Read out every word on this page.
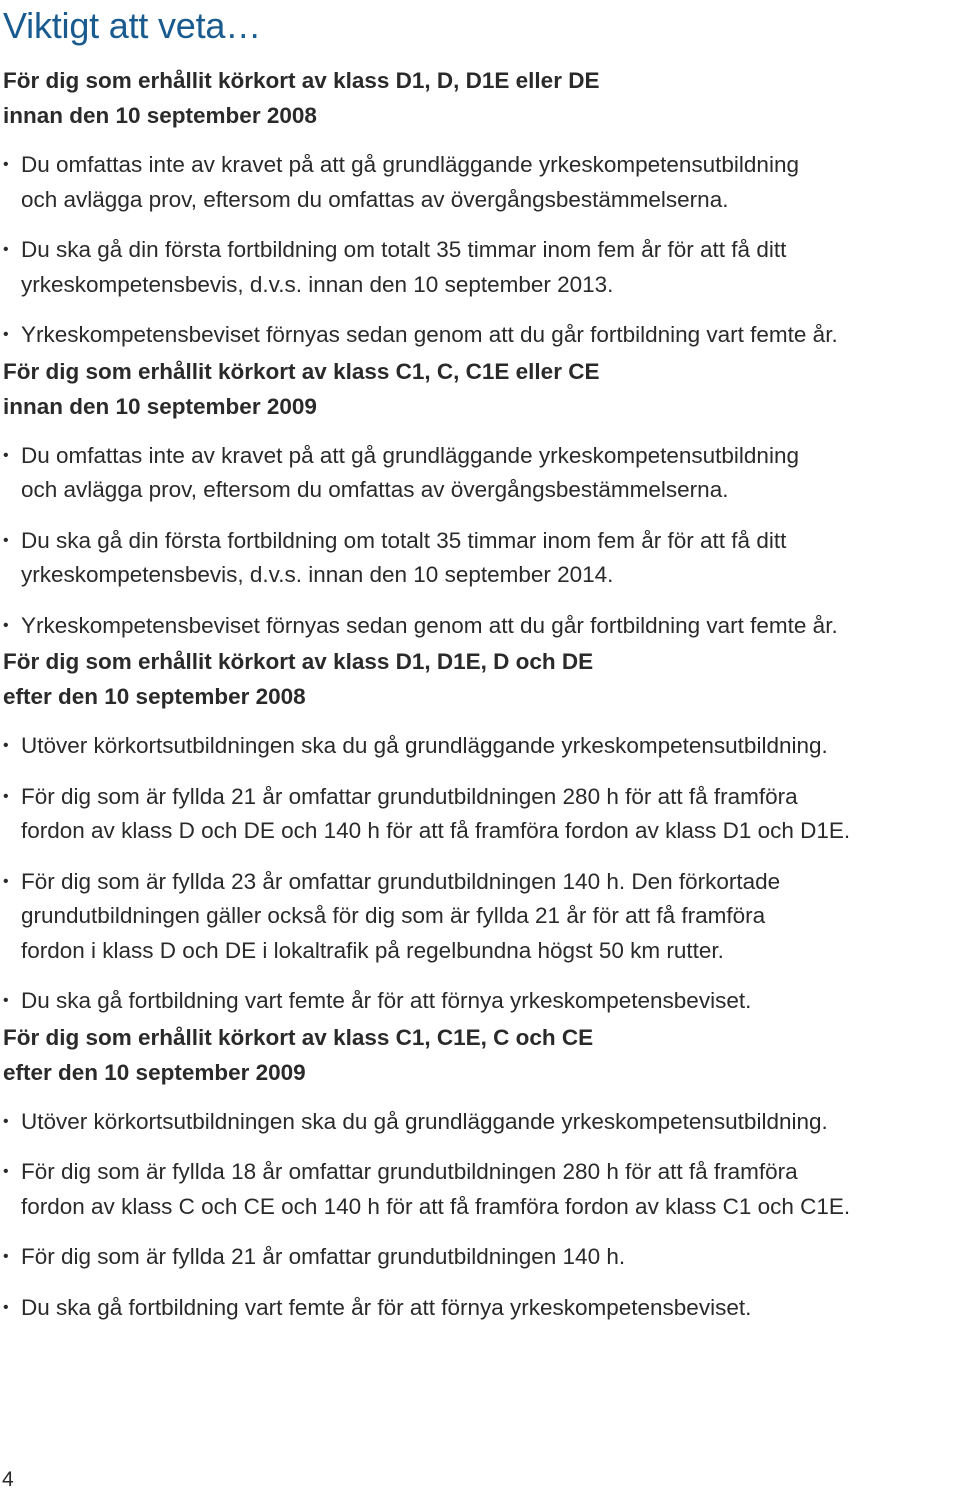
Viktigt att veta…
För dig som erhållit körkort av klass D1, D, D1E eller DE
innan den 10 september 2008
• Du omfattas inte av kravet på att gå grundläggande yrkeskompetensutbildning
och avlägga prov, eftersom du omfattas av övergångsbestämmelserna.
• Du ska gå din första fortbildning om totalt 35 timmar inom fem år för att få ditt
yrkeskompetensbevis, d.v.s. innan den 10 september 2013.
• Yrkeskompetensbeviset förnyas sedan genom att du går fortbildning vart femte år.
För dig som erhållit körkort av klass C1, C, C1E eller CE
innan den 10 september 2009
• Du omfattas inte av kravet på att gå grundläggande yrkeskompetensutbildning
och avlägga prov, eftersom du omfattas av övergångsbestämmelserna.
• Du ska gå din första fortbildning om totalt 35 timmar inom fem år för att få ditt
yrkeskompetensbevis, d.v.s. innan den 10 september 2014.
• Yrkeskompetensbeviset förnyas sedan genom att du går fortbildning vart femte år.
För dig som erhållit körkort av klass D1, D1E, D och DE
efter den 10 september 2008
• Utöver körkortsutbildningen ska du gå grundläggande yrkeskompetensutbildning.
• För dig som är fyllda 21 år omfattar grundutbildningen 280 h för att få framföra
fordon av klass D och DE och 140 h för att få framföra fordon av klass D1 och D1E.
• För dig som är fyllda 23 år omfattar grundutbildningen 140 h. Den förkortade
grundutbildningen gäller också för dig som är fyllda 21 år för att få framföra
fordon i klass D och DE i lokaltrafik på regelbundna högst 50 km rutter.
• Du ska gå fortbildning vart femte år för att förnya yrkeskompetensbeviset.
För dig som erhållit körkort av klass C1, C1E, C och CE
efter den 10 september 2009
• Utöver körkortsutbildningen ska du gå grundläggande yrkeskompetensutbildning.
• För dig som är fyllda 18 år omfattar grundutbildningen 280 h för att få framföra
fordon av klass C och CE och 140 h för att få framföra fordon av klass C1 och C1E.
• För dig som är fyllda 21 år omfattar grundutbildningen 140 h.
• Du ska gå fortbildning vart femte år för att förnya yrkeskompetensbeviset.
4
